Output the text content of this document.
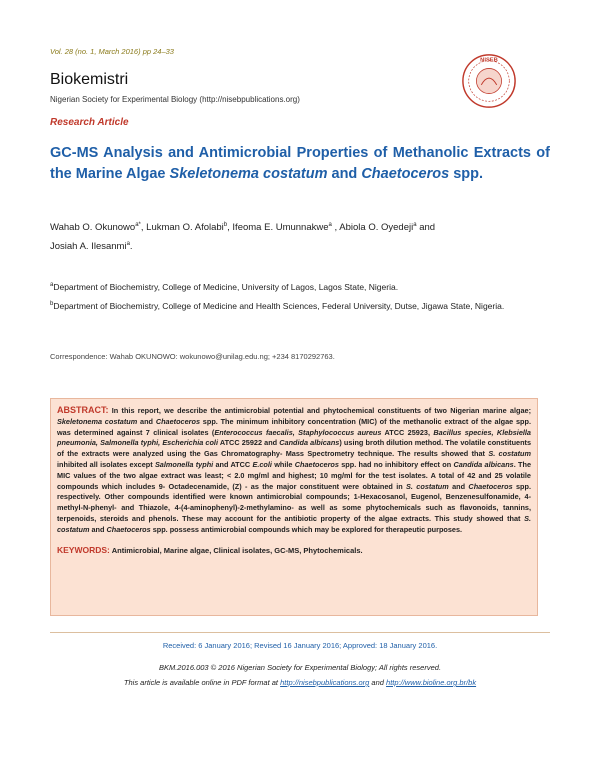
Vol. 28 (no. 1, March 2016) pp 24–33
Biokemistri
Nigerian Society for Experimental Biology (http://nisebpublications.org)
NISEB
Research Article
GC-MS Analysis and Antimicrobial Properties of Methanolic Extracts of the Marine Algae Skeletonema costatum and Chaetoceros spp.
Wahab O. Okunowo$^{a*}$, Lukman O. Afolabi$^b$, Ifeoma E. Umunnakwe$^a$ , Abiola O. Oyedeji$^a$ and
Josiah A. Ilesanmi$^a$.
$^a$Department of Biochemistry, College of Medicine, University of Lagos, Lagos State, Nigeria.
$^b$Department of Biochemistry, College of Medicine and Health Sciences, Federal University, Dutse, Jigawa State, Nigeria.
Correspondence: Wahab OKUNOWO: wokunowo@unilag.edu.ng; +234 8170292763.
ABSTRACT: In this report, we describe the antimicrobial potential and phytochemical constituents of two Nigerian marine algae; Skeletonema costatum and Chaetoceros spp. The minimum inhibitory concentration (MIC) of the methanolic extract of the algae spp. was determined against 7 clinical isolates (Enterococcus faecalis, Staphylococcus aureus ATCC 25923, Bacillus species, Klebsiella pneumonia, Salmonella typhi, Escherichia coli ATCC 25922 and Candida albicans) using broth dilution method. The volatile constituents of the extracts were analyzed using the Gas Chromatography- Mass Spectrometry technique. The results showed that S. costatum inhibited all isolates except Salmonella typhi and ATCC E.coli while Chaetoceros spp. had no inhibitory effect on Candida albicans. The MIC values of the two algae extract was least; < 2.0 mg/ml and highest; 10 mg/ml for the test isolates. A total of 42 and 25 volatile compounds which includes 9- Octadecenamide, (Z) - as the major constituent were obtained in S. costatum and Chaetoceros spp. respectively. Other compounds identified were known antimicrobial compounds; 1-Hexacosanol, Eugenol, Benzenesulfonamide, 4-methyl-N-phenyl- and Thiazole, 4-(4-aminophenyl)-2-methylamino- as well as some phytochemicals such as flavonoids, tannins, terpenoids, steroids and phenols. These may account for the antibiotic property of the algae extracts. This study showed that S. costatum and Chaetoceros spp. possess antimicrobial compounds which may be explored for therapeutic purposes.
KEYWORDS: Antimicrobial, Marine algae, Clinical isolates, GC-MS, Phytochemicals.
Received: 6 January 2016; Revised 16 January 2016; Approved: 18 January 2016.
BKM.2016.003 © 2016 Nigerian Society for Experimental Biology; All rights reserved.
This article is available online in PDF format at http://nisebpublications.org and http://www.bioline.org.br/bk
